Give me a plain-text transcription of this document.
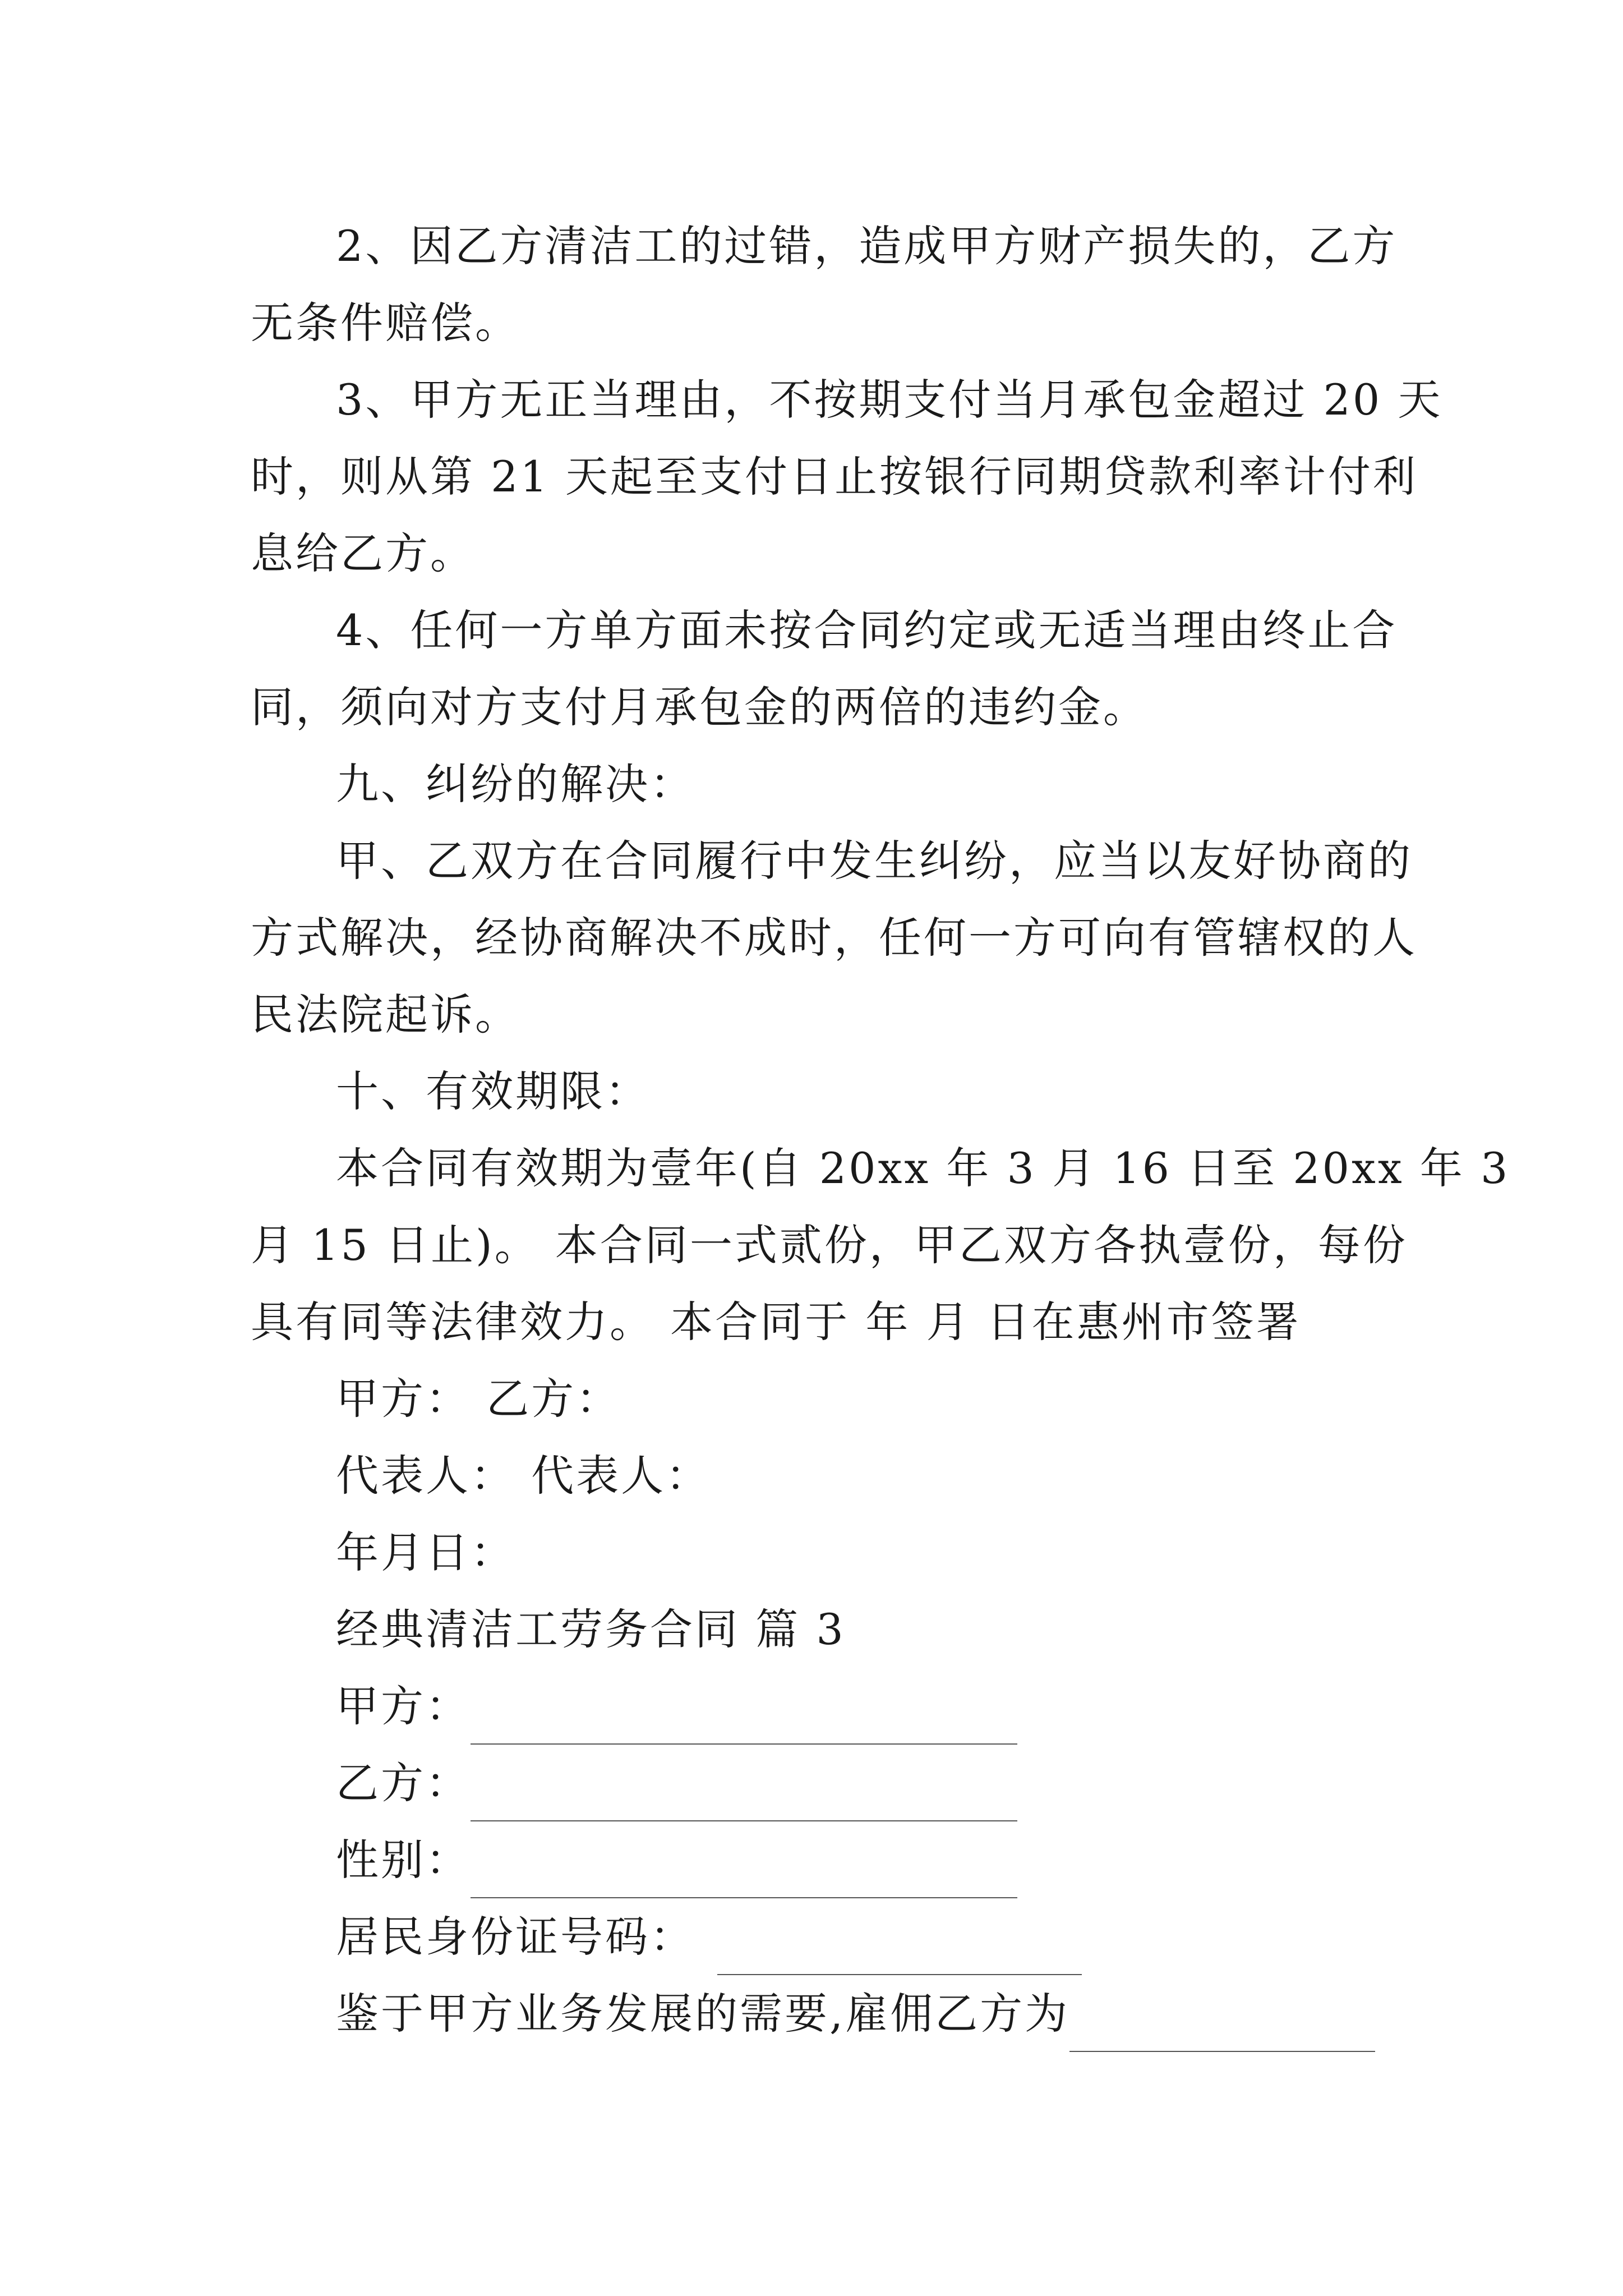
2、因乙方清洁工的过错，造成甲方财产损失的，乙方
无条件赔偿。
3、甲方无正当理由，不按期支付当月承包金超过 20 天
时，则从第 21 天起至支付日止按银行同期贷款利率计付利
息给乙方。
4、任何一方单方面未按合同约定或无适当理由终止合
同，须向对方支付月承包金的两倍的违约金。
九、纠纷的解决：
甲、乙双方在合同履行中发生纠纷，应当以友好协商的
方式解决，经协商解决不成时，任何一方可向有管辖权的人
民法院起诉。
十、有效期限：
本合同有效期为壹年(自 20xx 年 3 月 16 日至 20xx 年 3
月 15 日止)。 本合同一式贰份，甲乙双方各执壹份，每份
具有同等法律效力。 本合同于 年 月 日在惠州市签署
甲方： 乙方：
代表人： 代表人：
年月日：
经典清洁工劳务合同 篇 3
甲方：
乙方：
性别：
居民身份证号码：
鉴于甲方业务发展的需要,雇佣乙方为
